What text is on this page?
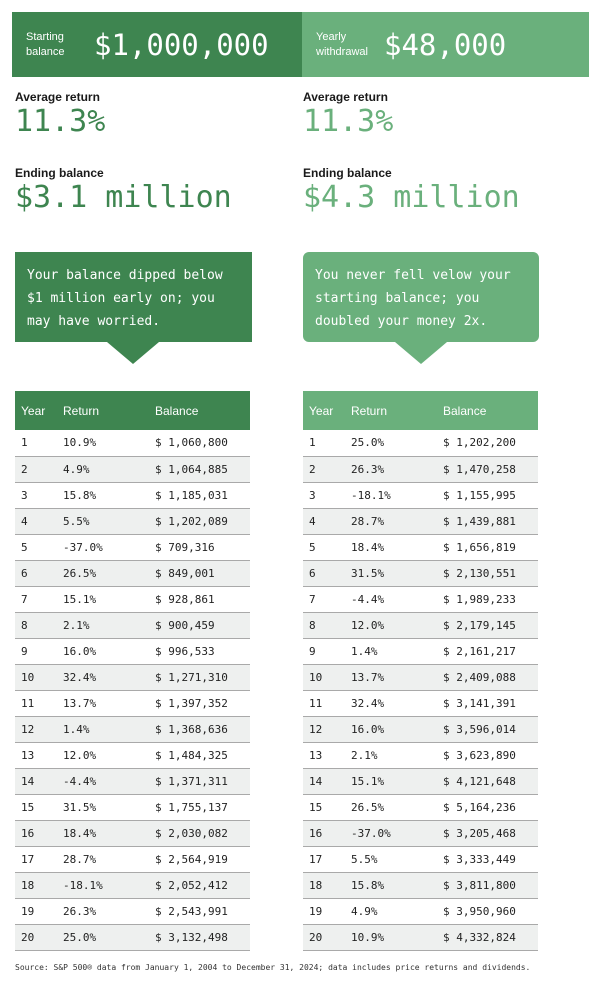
Starting
balance	$1,000,000	Yearly
withdrawal $48,000
Average return
11.3%
Ending balance
$3.1 million
Average return
11.3%
Ending balance
$4.3 million
Your balance dipped below $1 million early on; you may have worried.
You never fell velow your starting balance; you doubled your money 2x.
Year	Return	Balance
1	10.9%	$ 1,060,800
2	4.9%	$ 1,064,885
3	15.8%	$ 1,185,031
4	5.5%	$ 1,202,089
5	-37.0%	$ 709,316
6	26.5%	$ 849,001
7	15.1%	$ 928,861
8	2.1%	$ 900,459
9	16.0%	$ 996,533
10	32.4%	$ 1,271,310
11	13.7%	$ 1,397,352
12	1.4%	$ 1,368,636
13	12.0%	$ 1,484,325
14	-4.4%	$ 1,371,311
15	31.5%	$ 1,755,137
16	18.4%	$ 2,030,082
17	28.7%	$ 2,564,919
18	-18.1%	$ 2,052,412
19	26.3%	$ 2,543,991
20	25.0%	$ 3,132,498
Year	Return	Balance
1	25.0%	$ 1,202,200
2	26.3%	$ 1,470,258
3	-18.1%	$ 1,155,995
4	28.7%	$ 1,439,881
5	18.4%	$ 1,656,819
6	31.5%	$ 2,130,551
7	-4.4%	$ 1,989,233
8	12.0%	$ 2,179,145
9	1.4%	$ 2,161,217
10	13.7%	$ 2,409,088
11	32.4%	$ 3,141,391
12	16.0%	$ 3,596,014
13	2.1%	$ 3,623,890
14	15.1%	$ 4,121,648
15	26.5%	$ 5,164,236
16	-37.0%	$ 3,205,468
17	5.5%	$ 3,333,449
18	15.8%	$ 3,811,800
19	4.9%	$ 3,950,960
20	10.9%	$ 4,332,824
Source: S&P 500® data from January 1, 2004 to December 31, 2024; data includes price returns and dividends.
